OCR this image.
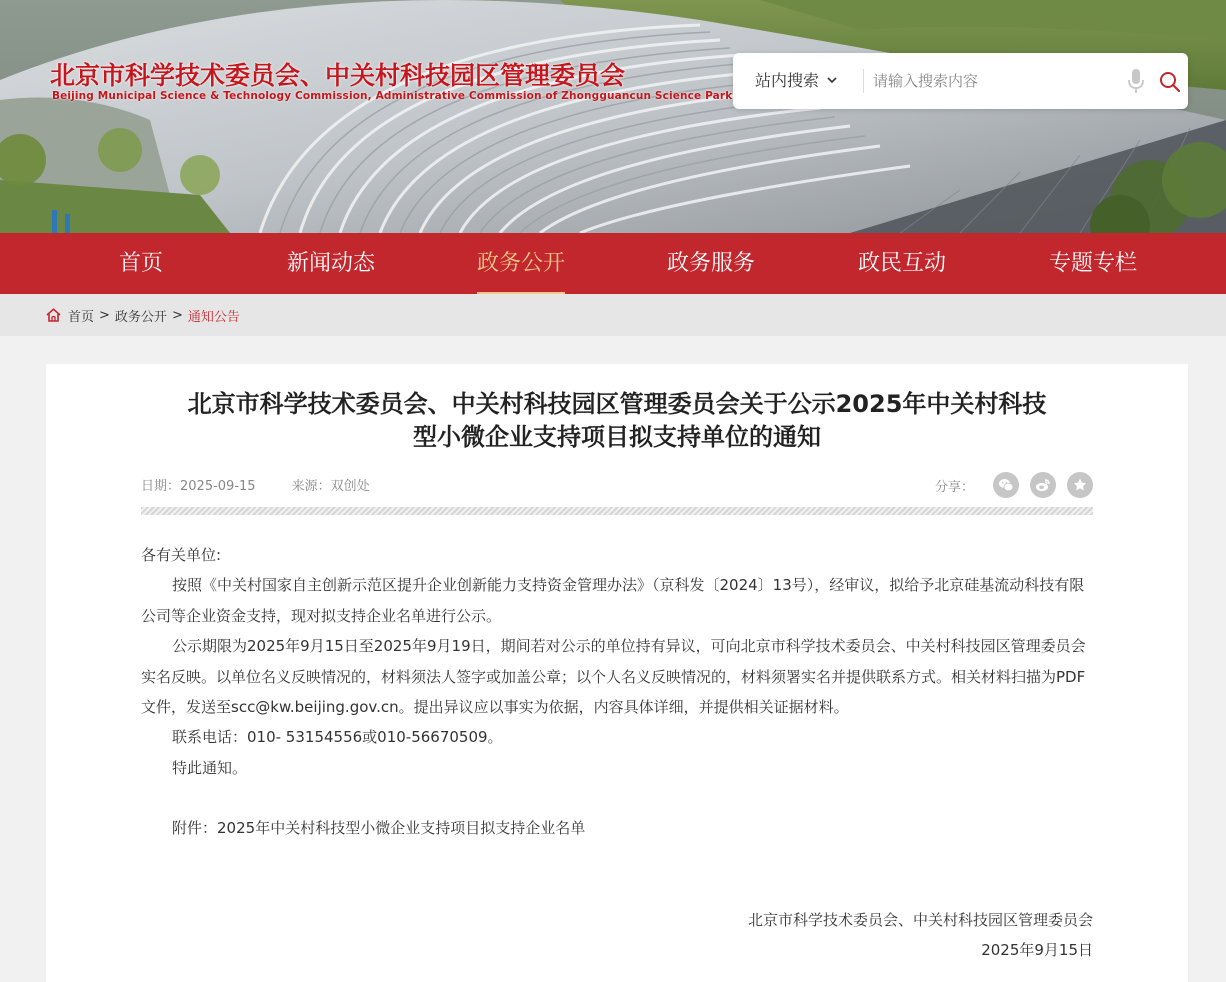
北京市科学技术委员会、中关村科技园区管理委员会
Beijing Municipal Science & Technology Commission, Administrative Commission of Zhongguancun Science Park
站内搜索
请输入搜索内容
首页	新闻动态	政务公开	政务服务	政民互动	专题专栏
首页 > 政务公开 > 通知公告
北京市科学技术委员会、中关村科技园区管理委员会关于公示2025年中关村科技型小微企业支持项目拟支持单位的通知
日期：2025-09-15	来源：双创处	分享：

各有关单位:

按照《中关村国家自主创新示范区提升企业创新能力支持资金管理办法》（京科发〔2024〕13号），经审议，拟给予北京硅基流动科技有限公司等企业资金支持，现对拟支持企业名单进行公示。

公示期限为2025年9月15日至2025年9月19日，期间若对公示的单位持有异议，可向北京市科学技术委员会、中关村科技园区管理委员会实名反映。以单位名义反映情况的，材料须法人签字或加盖公章；以个人名义反映情况的，材料须署实名并提供联系方式。相关材料扫描为PDF文件，发送至scc@kw.beijing.gov.cn。提出异议应以事实为依据，内容具体详细，并提供相关证据材料。

联系电话：010- 53154556或010-56670509。

特此通知。

附件：2025年中关村科技型小微企业支持项目拟支持企业名单

北京市科学技术委员会、中关村科技园区管理委员会
2025年9月15日
